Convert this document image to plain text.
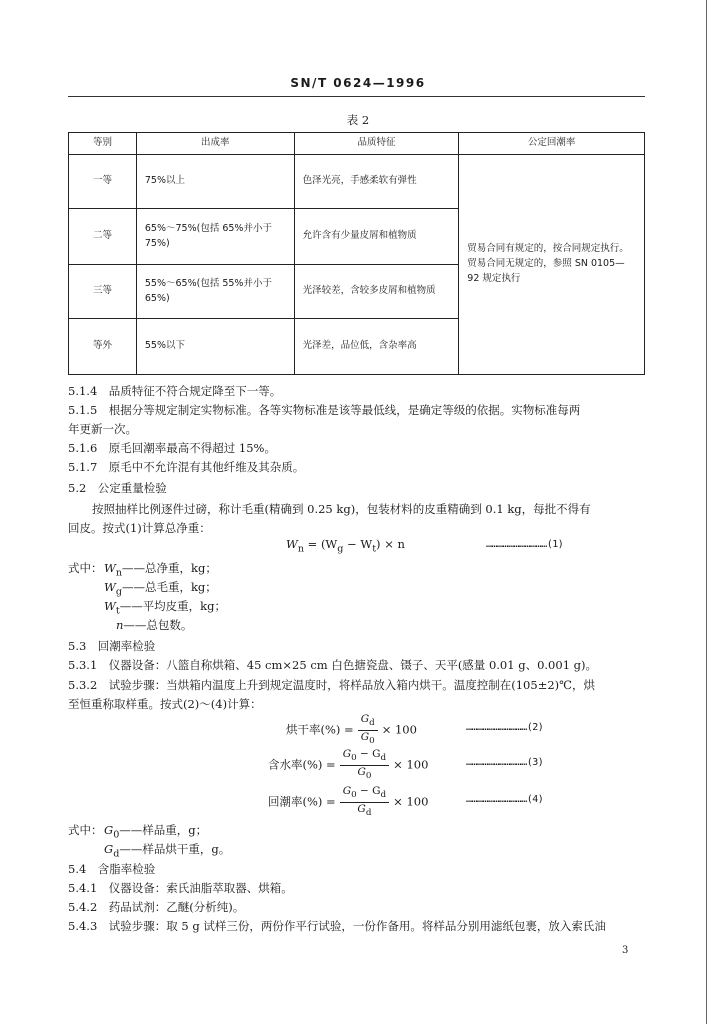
SN/T 0624—1996
表 2
等别	出成率	品质特征	公定回潮率
一等	75%以上	色泽光亮，手感柔软有弹性	贸易合同有规定的，按合同规定执行。贸易合同无规定的，参照 SN 0105—92 规定执行
二等	65%～75%(包括 65%并小于 75%)	允许含有少量皮屑和植物质	
三等	55%～65%(包括 55%并小于 65%)	光泽较差，含较多皮屑和植物质	
等外	55%以下	光泽差，品位低，含杂率高	
5.1.4　品质特征不符合规定降至下一等。
5.1.5　根据分等规定制定实物标准。各等实物标准是该等最低线，是确定等级的依据。实物标准每两
年更新一次。
5.1.6　原毛回潮率最高不得超过 15%。
5.1.7　原毛中不允许混有其他纤维及其杂质。
5.2　公定重量检验
按照抽样比例逐件过磅，称计毛重(精确到 0.25 kg)，包装材料的皮重精确到 0.1 kg，每批不得有
回皮。按式(1)计算总净重：
$W_n = (W_g - W_t) \times n$	……………………………(1)
式中： $W_n——$总净重，kg；
$W_g——$总毛重，kg；
$W_t——$平均皮重，kg；
n——总包数。
5.3　回潮率检验
5.3.1　仪器设备：八篮自称烘箱、45 cm×25 cm 白色搪瓷盘、镊子、天平(感量 0.01 g、0.001 g)。
5.3.2　试验步骤：当烘箱内温度上升到规定温度时，将样品放入箱内烘干。温度控制在(105±2)℃，烘
至恒重称取样重。按式(2)～(4)计算：
烘干率(%) = $\frac{G_d}{G_0} \times 100$	……………………………(2)
含水率(%) = $\frac{G_0 - G_d}{G_0} \times 100$	……………………………(3)
回潮率(%) = $\frac{G_0 - G_d}{G_d} \times 100$	……………………………(4)
式中： $G_0——$样品重，g；
$G_d——$样品烘干重，g。
5.4　含脂率检验
5.4.1　仪器设备：索氏油脂萃取器、烘箱。
5.4.2　药品试剂：乙醚(分析纯)。
5.4.3　试验步骤：取 5 g 试样三份，两份作平行试验，一份作备用。将样品分别用滤纸包裹，放入索氏油
3
